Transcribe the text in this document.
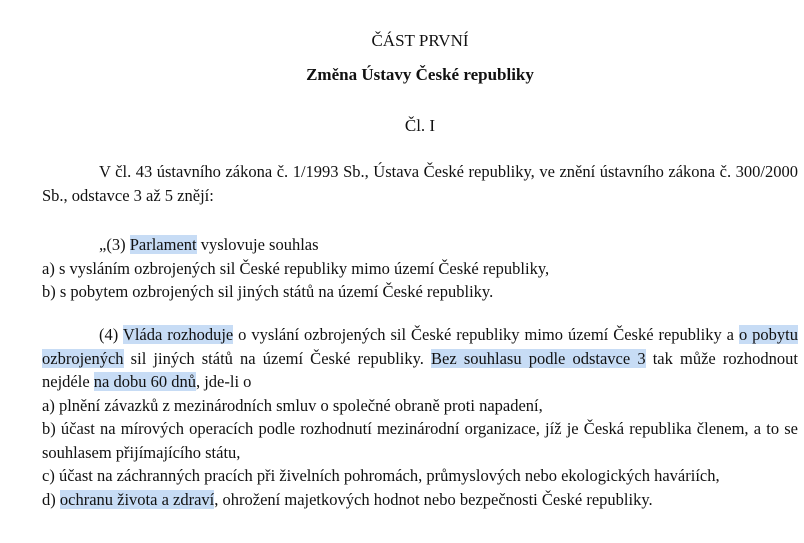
ČÁST PRVNÍ
Změna Ústavy České republiky
Čl. I

V čl. 43 ústavního zákona č. 1/1993 Sb., Ústava České republiky, ve znění ústavního zákona č. 300/2000 Sb., odstavce 3 až 5 znějí:

„(3) Parlament vyslovuje souhlas
a) s vysláním ozbrojených sil České republiky mimo území České republiky,
b) s pobytem ozbrojených sil jiných států na území České republiky.

(4) Vláda rozhoduje o vyslání ozbrojených sil České republiky mimo území České republiky a o pobytu ozbrojených sil jiných států na území České republiky. Bez souhlasu podle odstavce 3 tak může rozhodnout nejdéle na dobu 60 dnů, jde-li o

a) plnění závazků z mezinárodních smluv o společné obraně proti napadení,

b) účast na mírových operacích podle rozhodnutí mezinárodní organizace, jíž je Česká republika členem, a to se souhlasem přijímajícího státu,

c) účast na záchranných pracích při živelních pohromách, průmyslových nebo ekologických haváriích,

d) ochranu života a zdraví, ohrožení majetkových hodnot nebo bezpečnosti České republiky.
